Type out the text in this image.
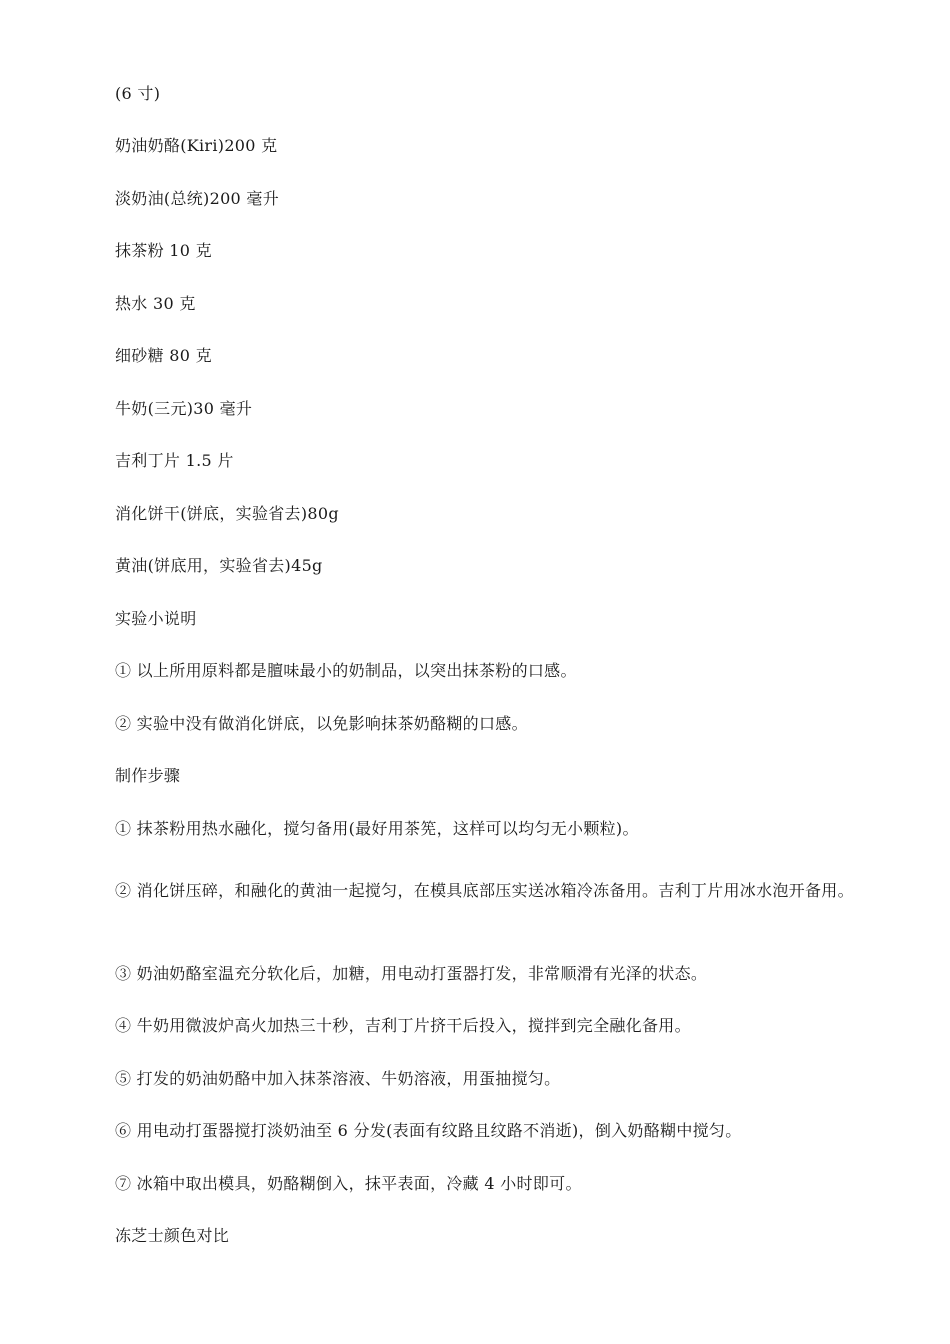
(6 寸)
奶油奶酪(Kiri)200 克
淡奶油(总统)200 毫升
抹茶粉 10 克
热水 30 克
细砂糖 80 克
牛奶(三元)30 毫升
吉利丁片 1.5 片
消化饼干(饼底，实验省去)80g
黄油(饼底用，实验省去)45g
实验小说明
① 以上所用原料都是膻味最小的奶制品，以突出抹茶粉的口感。
② 实验中没有做消化饼底，以免影响抹茶奶酪糊的口感。
制作步骤
① 抹茶粉用热水融化，搅匀备用(最好用茶筅，这样可以均匀无小颗粒)。
② 消化饼压碎，和融化的黄油一起搅匀，在模具底部压实送冰箱冷冻备用。吉利丁片用冰水泡开备用。
③ 奶油奶酪室温充分软化后，加糖，用电动打蛋器打发，非常顺滑有光泽的状态。
④ 牛奶用微波炉高火加热三十秒，吉利丁片挤干后投入，搅拌到完全融化备用。
⑤ 打发的奶油奶酪中加入抹茶溶液、牛奶溶液，用蛋抽搅匀。
⑥ 用电动打蛋器搅打淡奶油至 6 分发(表面有纹路且纹路不消逝)，倒入奶酪糊中搅匀。
⑦ 冰箱中取出模具，奶酪糊倒入，抹平表面，冷藏 4 小时即可。
冻芝士颜色对比
